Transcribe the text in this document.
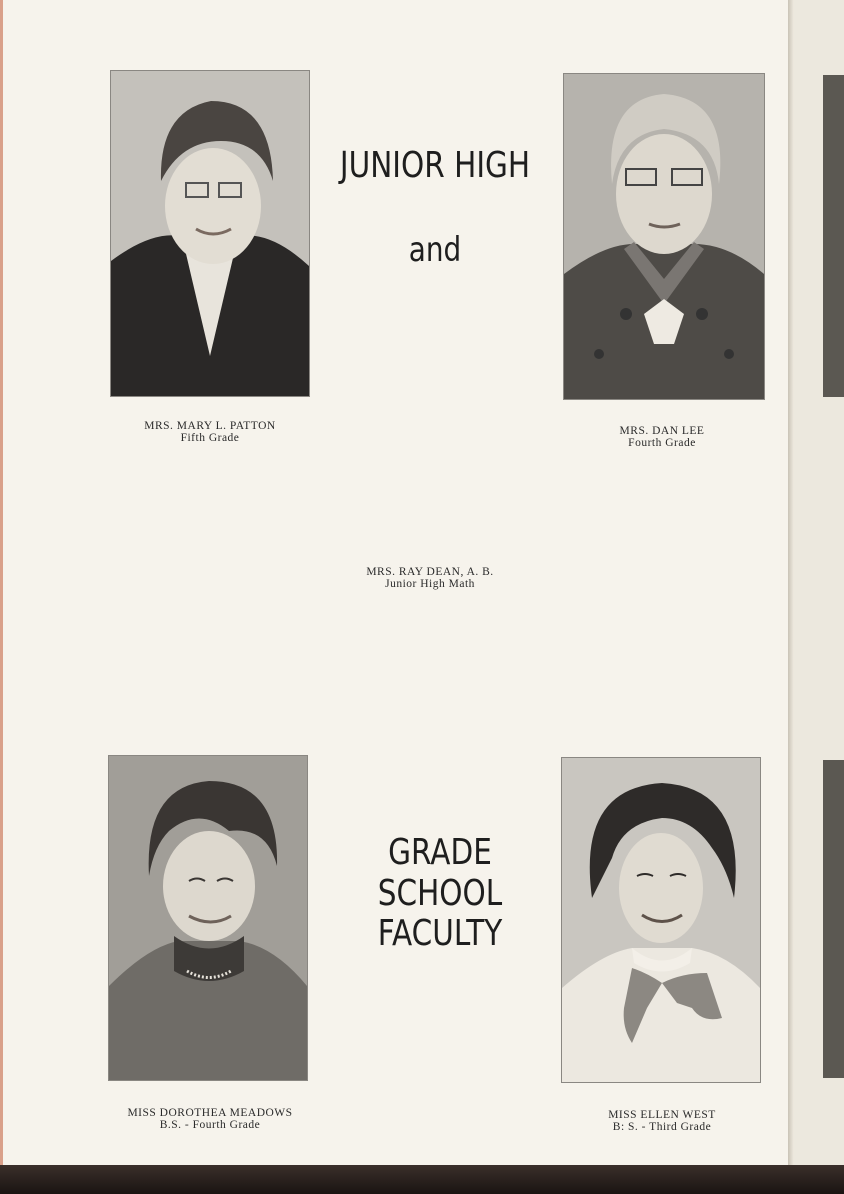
JUNIOR HIGH
and
GRADE SCHOOL
FACULTY
MRS. MARY L. PATTON
Fifth Grade
MRS. DAN LEE
Fourth Grade
MRS. RAY DEAN, A. B.
Junior High Math
MISS DOROTHEA MEADOWS
B.S. - Fourth Grade
MISS ELLEN WEST
B: S. - Third Grade
